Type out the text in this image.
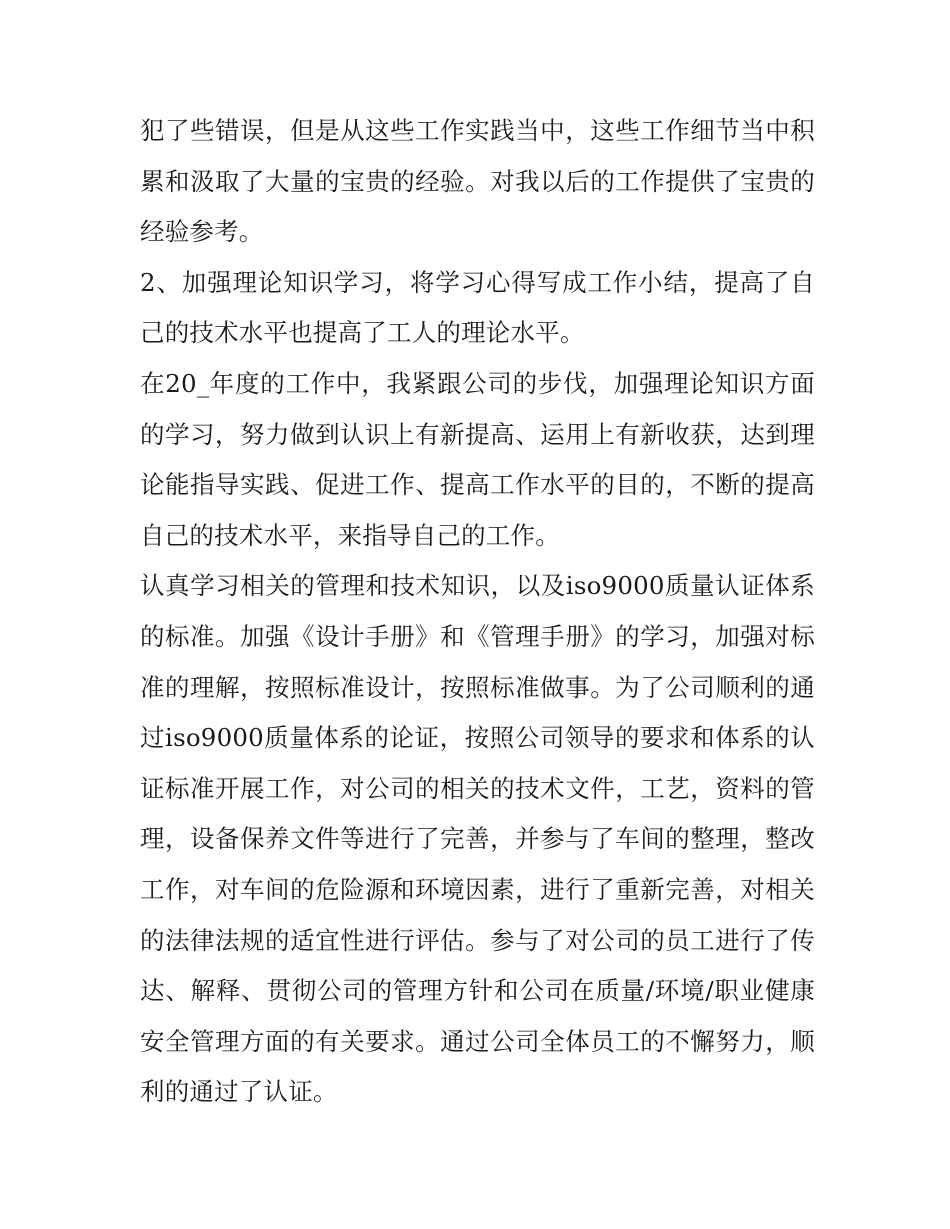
犯了些错误，但是从这些工作实践当中，这些工作细节当中积累和汲取了大量的宝贵的经验。对我以后的工作提供了宝贵的经验参考。

2、加强理论知识学习，将学习心得写成工作小结，提高了自己的技术水平也提高了工人的理论水平。

在20_年度的工作中，我紧跟公司的步伐，加强理论知识方面的学习，努力做到认识上有新提高、运用上有新收获，达到理论能指导实践、促进工作、提高工作水平的目的，不断的提高自己的技术水平，来指导自己的工作。

认真学习相关的管理和技术知识，以及iso9000质量认证体系的标准。加强《设计手册》和《管理手册》的学习，加强对标准的理解，按照标准设计，按照标准做事。为了公司顺利的通过iso9000质量体系的论证，按照公司领导的要求和体系的认证标准开展工作，对公司的相关的技术文件，工艺，资料的管理，设备保养文件等进行了完善，并参与了车间的整理，整改工作，对车间的危险源和环境因素，进行了重新完善，对相关的法律法规的适宜性进行评估。参与了对公司的员工进行了传达、解释、贯彻公司的管理方针和公司在质量/环境/职业健康安全管理方面的有关要求。通过公司全体员工的不懈努力，顺利的通过了认证。
